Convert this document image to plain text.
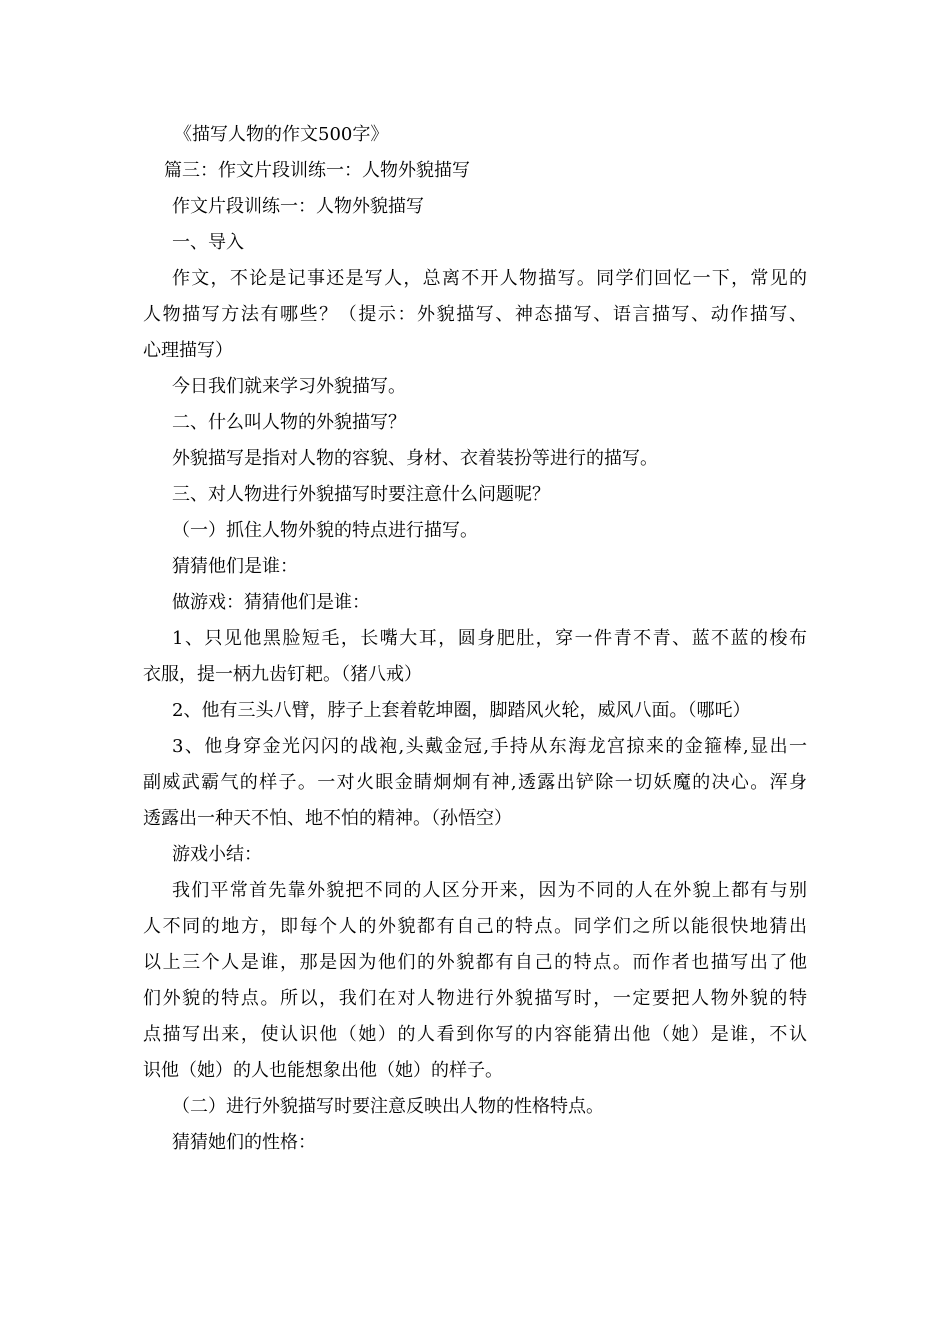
《描写人物的作文500字》
篇三：作文片段训练一：人物外貌描写
作文片段训练一：人物外貌描写
一、导入
作文，不论是记事还是写人，总离不开人物描写。同学们回忆一下，常见的
人物描写方法有哪些？（提示：外貌描写、神态描写、语言描写、动作描写、
心理描写）
今日我们就来学习外貌描写。
二、什么叫人物的外貌描写？
外貌描写是指对人物的容貌、身材、衣着装扮等进行的描写。
三、对人物进行外貌描写时要注意什么问题呢？
（一）抓住人物外貌的特点进行描写。
猜猜他们是谁：
做游戏：猜猜他们是谁：
1、只见他黑脸短毛，长嘴大耳，圆身肥肚，穿一件青不青、蓝不蓝的梭布
衣服，提一柄九齿钉耙。（猪八戒）
2、他有三头八臂，脖子上套着乾坤圈，脚踏风火轮，威风八面。（哪吒）
3、他身穿金光闪闪的战袍,头戴金冠,手持从东海龙宫掠来的金箍棒,显出一
副威武霸气的样子。一对火眼金睛炯炯有神,透露出铲除一切妖魔的决心。浑身
透露出一种天不怕、地不怕的精神。（孙悟空）
游戏小结：
我们平常首先靠外貌把不同的人区分开来，因为不同的人在外貌上都有与别
人不同的地方，即每个人的外貌都有自己的特点。同学们之所以能很快地猜出
以上三个人是谁，那是因为他们的外貌都有自己的特点。而作者也描写出了他
们外貌的特点。所以，我们在对人物进行外貌描写时，一定要把人物外貌的特
点描写出来，使认识他（她）的人看到你写的内容能猜出他（她）是谁，不认
识他（她）的人也能想象出他（她）的样子。
（二）进行外貌描写时要注意反映出人物的性格特点。
猜猜她们的性格：
